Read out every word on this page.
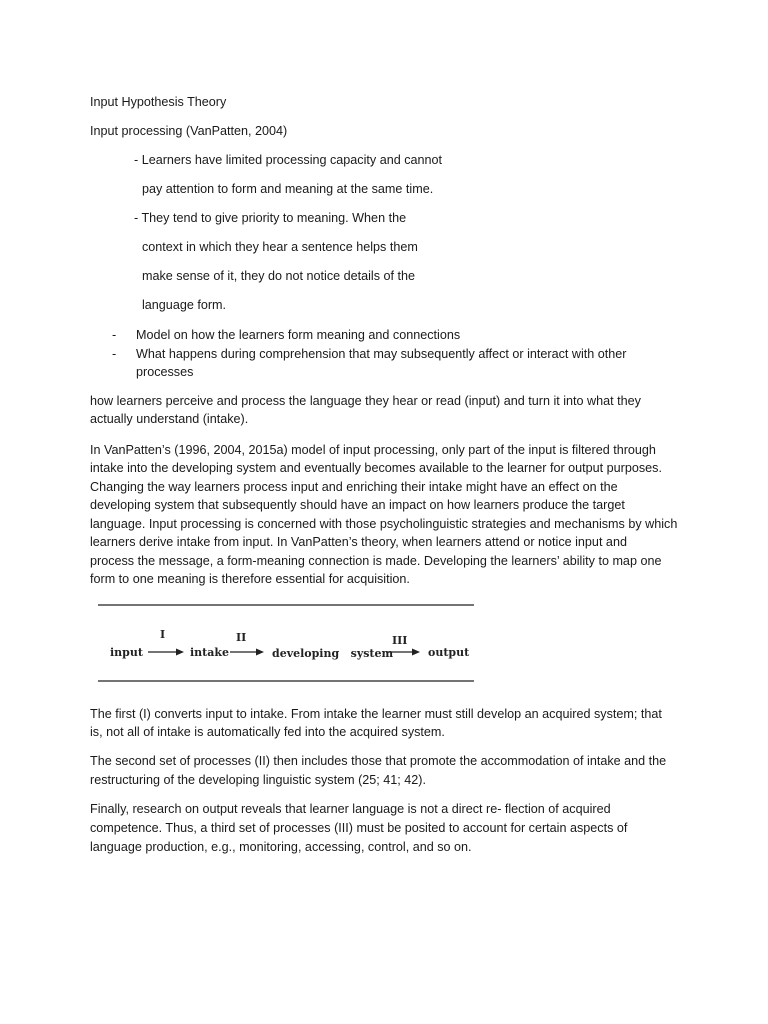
Input Hypothesis Theory
Input processing (VanPatten, 2004)
- Learners have limited processing capacity and cannot
pay attention to form and meaning at the same time.
- They tend to give priority to meaning. When the
context in which they hear a sentence helps them
make sense of it, they do not notice details of the
language form.
- Model on how the learners form meaning and connections
- What happens during comprehension that may subsequently affect or interact with other
processes
how learners perceive and process the language they hear or read (input) and turn it into what they
actually understand (intake).
In VanPatten’s (1996, 2004, 2015a) model of input processing, only part of the input is filtered through
intake into the developing system and eventually becomes available to the learner for output purposes.
Changing the way learners process input and enriching their intake might have an effect on the
developing system that subsequently should have an impact on how learners produce the target
language. Input processing is concerned with those psycholinguistic strategies and mechanisms by which
learners derive intake from input. In VanPatten’s theory, when learners attend or notice input and
process the message, a form-meaning connection is made. Developing the learners’ ability to map one
form to one meaning is therefore essential for acquisition.
I	II	III
input	intake	developing   system	output
The first (I) converts input to intake. From intake the learner must still develop an acquired system; that
is, not all of intake is automatically fed into the acquired system.
The second set of processes (II) then includes those that promote the accommodation of intake and the
restructuring of the developing linguistic system (25; 41; 42).
Finally, research on output reveals that learner language is not a direct re- flection of acquired
competence. Thus, a third set of processes (III) must be posited to account for certain aspects of
language production, e.g., monitoring, accessing, control, and so on.
